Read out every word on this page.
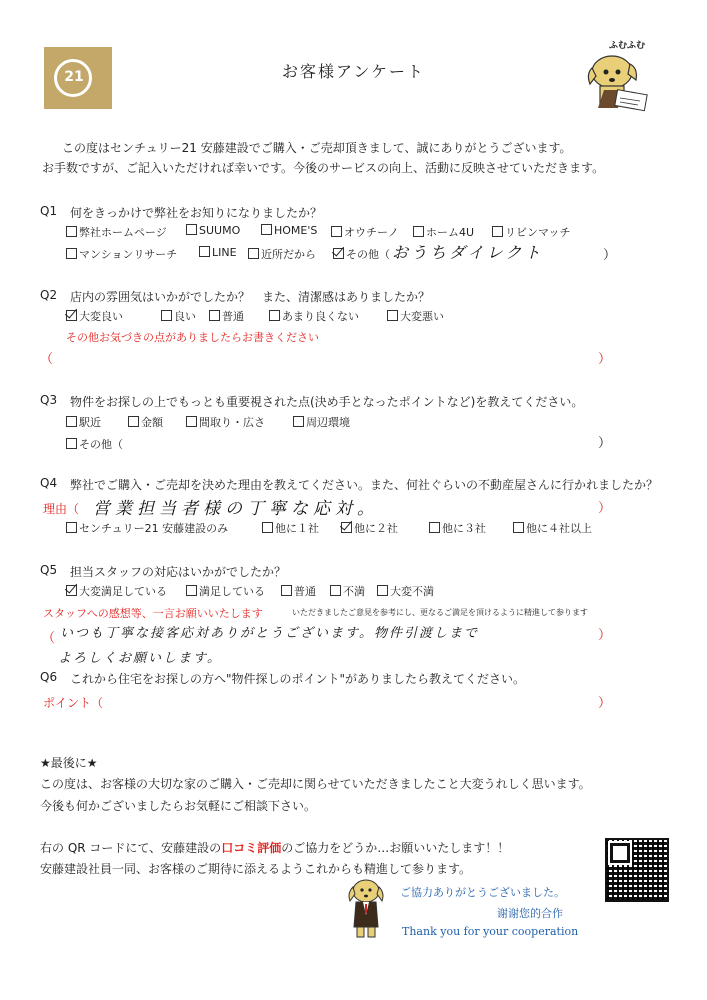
21	お客様アンケート
ふむふむ
この度はセンチュリー21 安藤建設でご購入・ご売却頂きまして、誠にありがとうございます。
お手数ですが、ご記入いただければ幸いです。今後のサービスの向上、活動に反映させていただきます。
Q1 何をきっかけで弊社をお知りになりましたか？
弊社ホームページ	SUUMO	HOME'S	オウチーノ	ホーム4U	リビンマッチ
マンションリサーチ	LINE	近所だから	その他（ おうちダイレクト	）
Q2 店内の雰囲気はいかがでしたか？　また、清潔感はありましたか？
大変良い	良い	普通	あまり良くない	大変悪い
その他お気づきの点がありましたらお書きください
（	）
Q3 物件をお探しの上でもっとも重要視された点(決め手となったポイントなど)を教えてください。
駅近	金額	間取り・広さ	周辺環境
その他（	）
Q4 弊社でご購入・ご売却を決めた理由を教えてください。また、何社ぐらいの不動産屋さんに行かれましたか？
理由（ 営業担当者様の丁寧な応対。	）
センチュリー21 安藤建設のみ	他に１社	他に２社	他に３社	他に４社以上
Q5 担当スタッフの対応はいかがでしたか？
大変満足している	満足している	普通	不満	大変不満
スタッフへの感想等、一言お願いいたします	いただきましたご意見を参考にし、更なるご満足を頂けるように精進して参ります
（ いつも丁寧な接客応対ありがとうございます。物件引渡しまで
よろしくお願いします。
）
Q6 これから住宅をお探しの方へ"物件探しのポイント"がありましたら教えてください。
ポイント（	）
★最後に★
この度は、お客様の大切な家のご購入・ご売却に関らせていただきましたこと大変うれしく思います。
今後も何かございましたらお気軽にご相談下さい。
右の QR コードにて、安藤建設の口コミ評価のご協力をどうか…お願いいたします！！
安藤建設社員一同、お客様のご期待に添えるようこれからも精進して参ります。
ご協力ありがとうございました。
谢谢您的合作
Thank you for your cooperation
